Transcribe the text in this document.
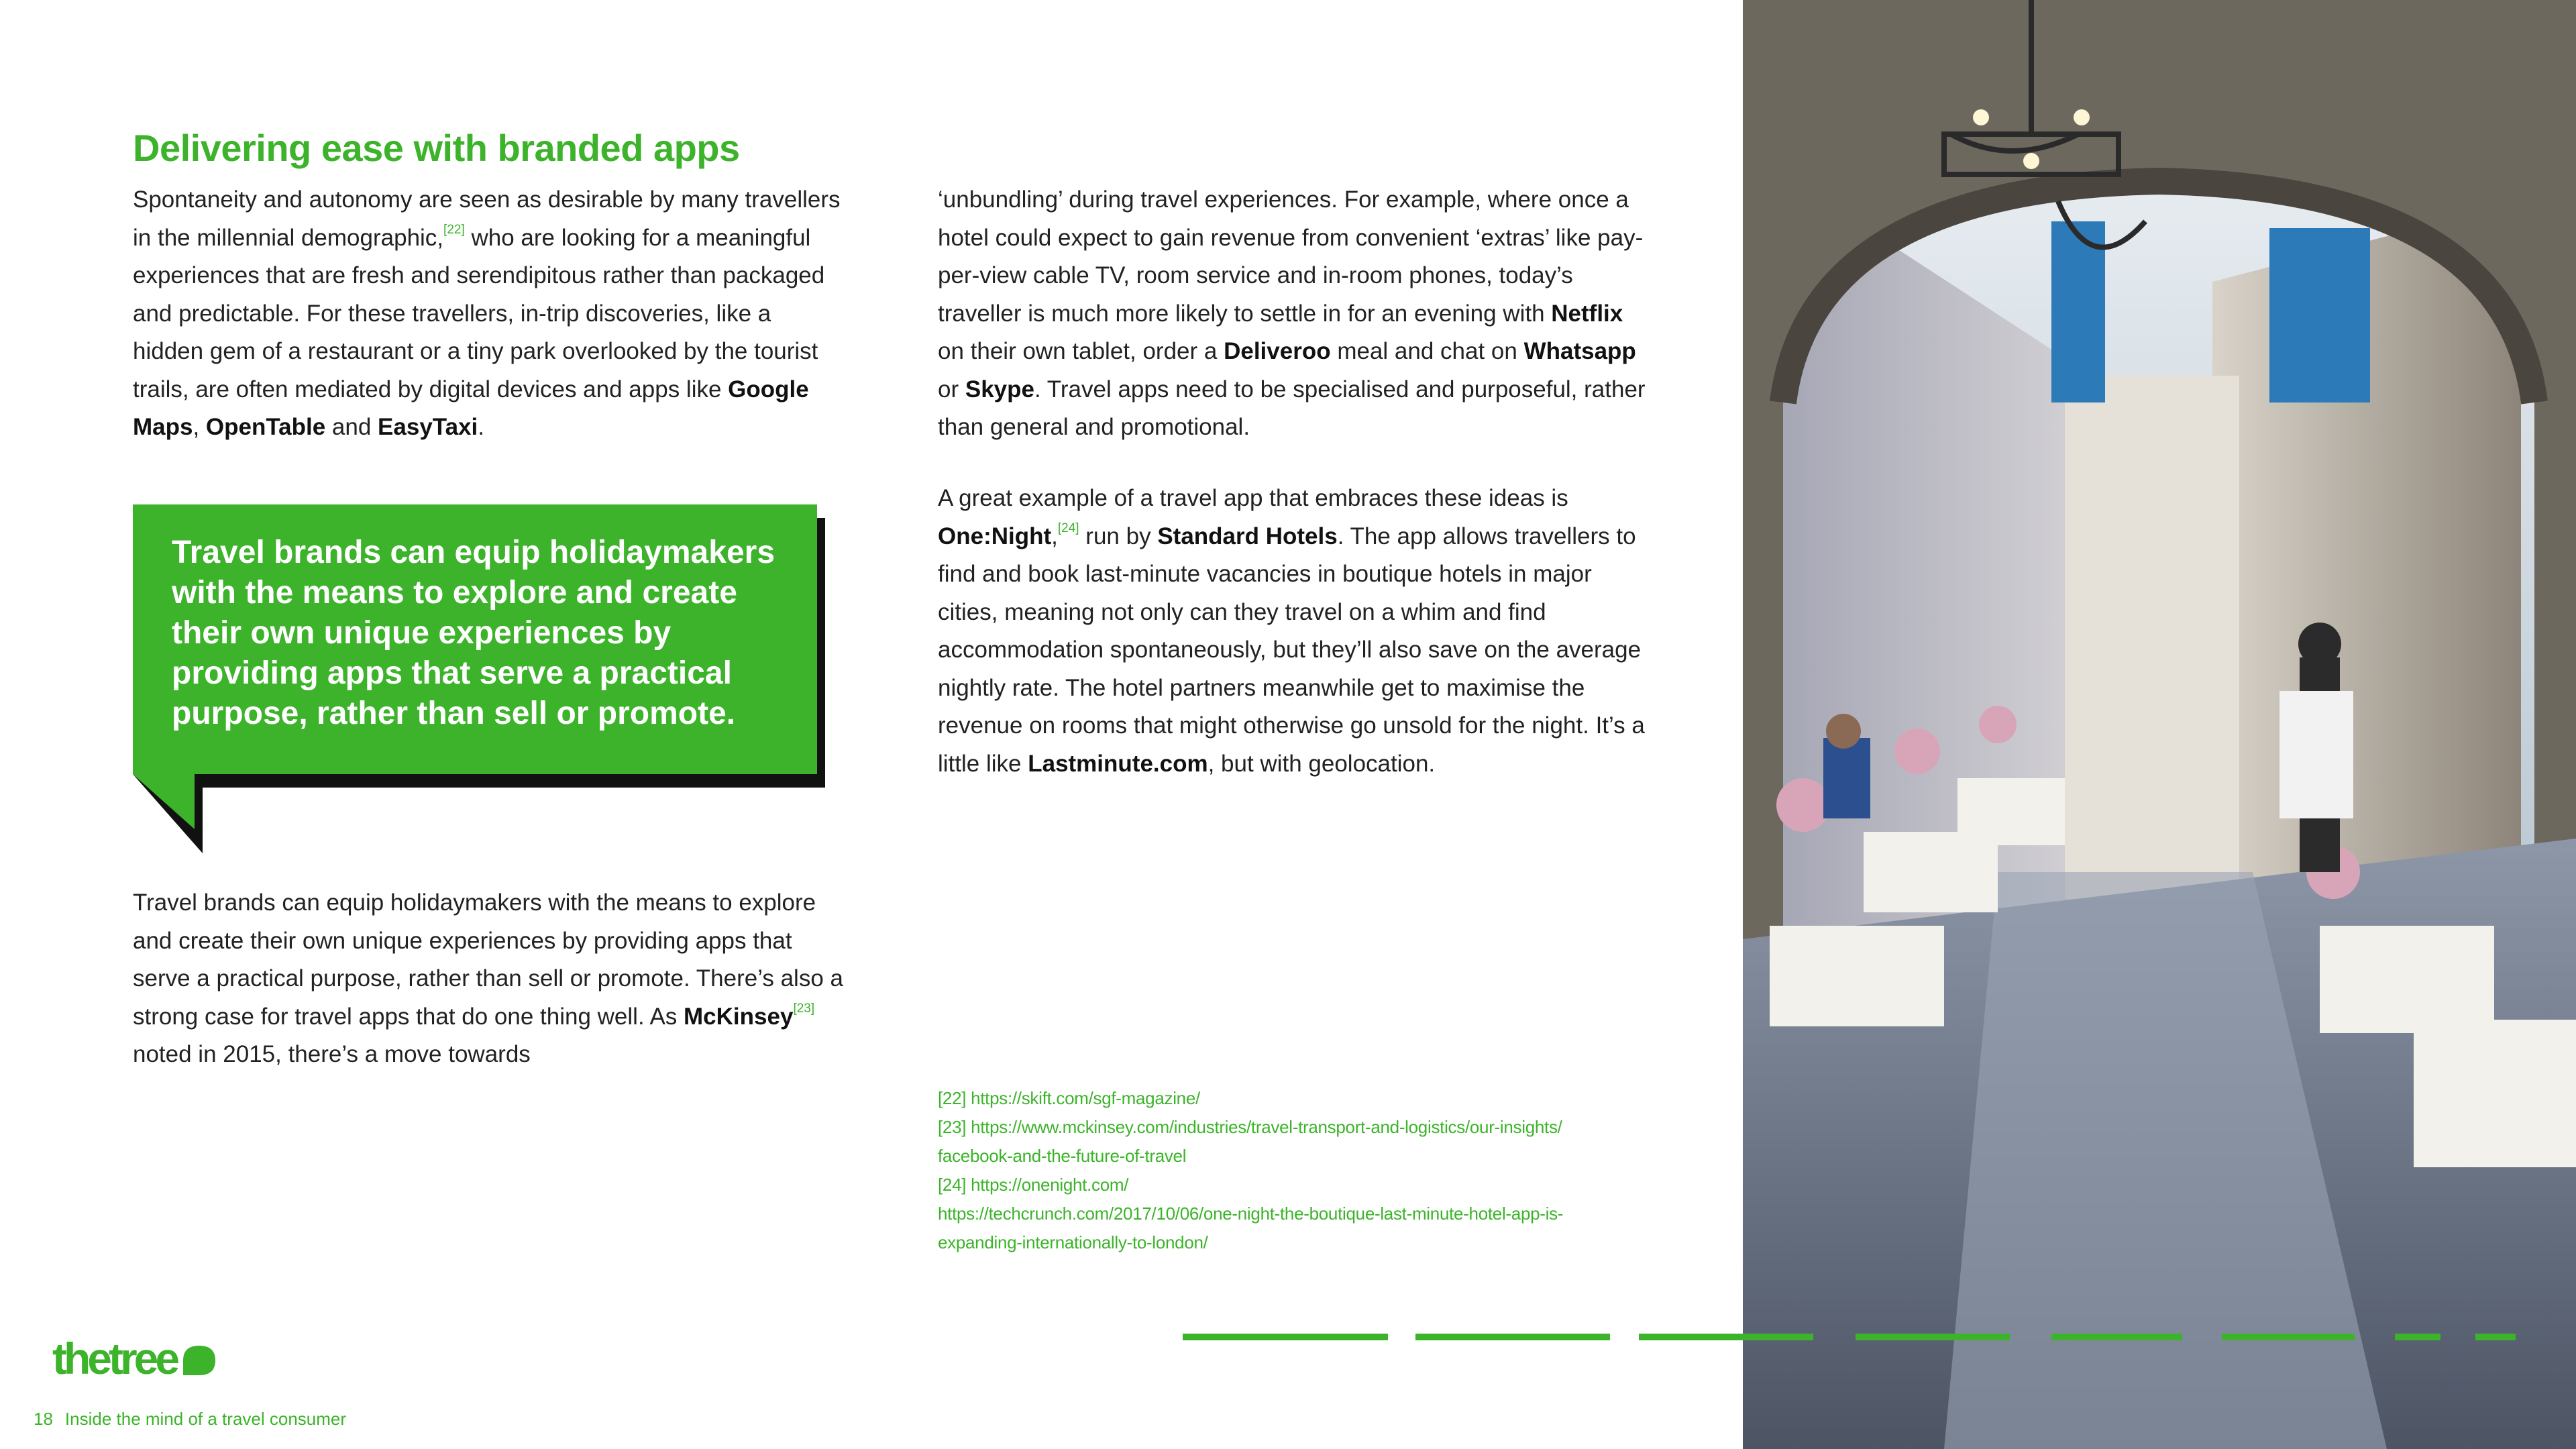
Delivering ease with branded apps

Spontaneity and autonomy are seen as desirable by many travellers in the millennial demographic,[22] who are looking for a meaningful experiences that are fresh and serendipitous rather than packaged and predictable. For these travellers, in-trip discoveries, like a hidden gem of a restaurant or a tiny park overlooked by the tourist trails, are often mediated by digital devices and apps like Google Maps, OpenTable and EasyTaxi.

Travel brands can equip holidaymakers with the means to explore and create their own unique experiences by providing apps that serve a practical purpose, rather than sell or promote.

Travel brands can equip holidaymakers with the means to explore and create their own unique experiences by providing apps that serve a practical purpose, rather than sell or promote. There’s also a strong case for travel apps that do one thing well. As McKinsey[23] noted in 2015, there’s a move towards

‘unbundling’ during travel experiences. For example, where once a hotel could expect to gain revenue from convenient ‘extras’ like pay-per-view cable TV, room service and in-room phones, today’s traveller is much more likely to settle in for an evening with Netflix on their own tablet, order a Deliveroo meal and chat on Whatsapp or Skype. Travel apps need to be specialised and purposeful, rather than general and promotional.

A great example of a travel app that embraces these ideas is One:Night,[24] run by Standard Hotels. The app allows travellers to find and book last-minute vacancies in boutique hotels in major cities, meaning not only can they travel on a whim and find accommodation spontaneously, but they’ll also save on the average nightly rate. The hotel partners meanwhile get to maximise the revenue on rooms that might otherwise go unsold for the night. It’s a little like Lastminute.com, but with geolocation.

[22] https://skift.com/sgf-magazine/

[23] https://www.mckinsey.com/industries/travel-transport-and-logistics/our-insights/

facebook-and-the-future-of-travel

[24] https://onenight.com/

https://techcrunch.com/2017/10/06/one-night-the-boutique-last-minute-hotel-app-is-

expanding-internationally-to-london/

thetree
18 Inside the mind of a travel consumer
